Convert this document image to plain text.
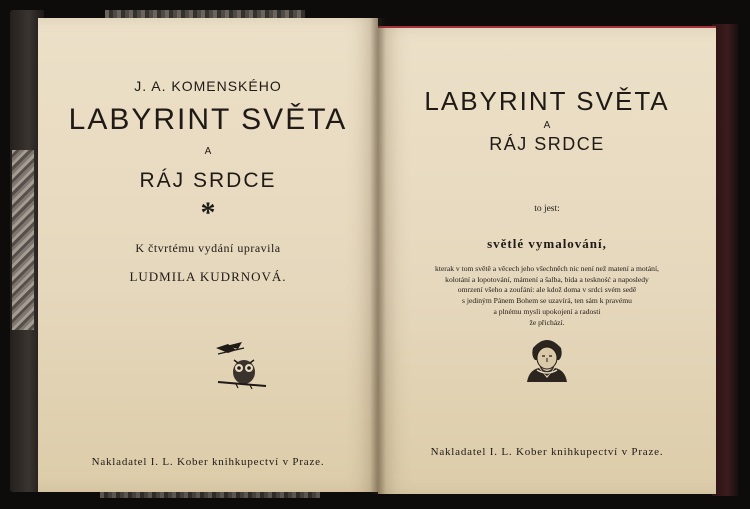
J. A. KOMENSKÉHO
LABYRINT SVĚTA
A
RÁJ SRDCE
*
K čtvrtému vydání upravila
LUDMILA KUDRNOVÁ.
Nakladatel I. L. Kober knihkupectví v Praze.
LABYRINT SVĚTA
A
RÁJ SRDCE
to jest:
světlé vymalování,
kterak v tom světě a věcech jeho všechněch nic není než matení a motání,
kolotání a lopotování, mámení a šalba, bída a teskność a naposledy
omrzení všeho a zoufání: ale kdož doma v srdci svém sedě
s jediným Pánem Bohem se uzavírá, ten sám k pravému
a plnému mysli upokojení a radosti
že přichází.
Nakladatel I. L. Kober knihkupectví v Praze.
